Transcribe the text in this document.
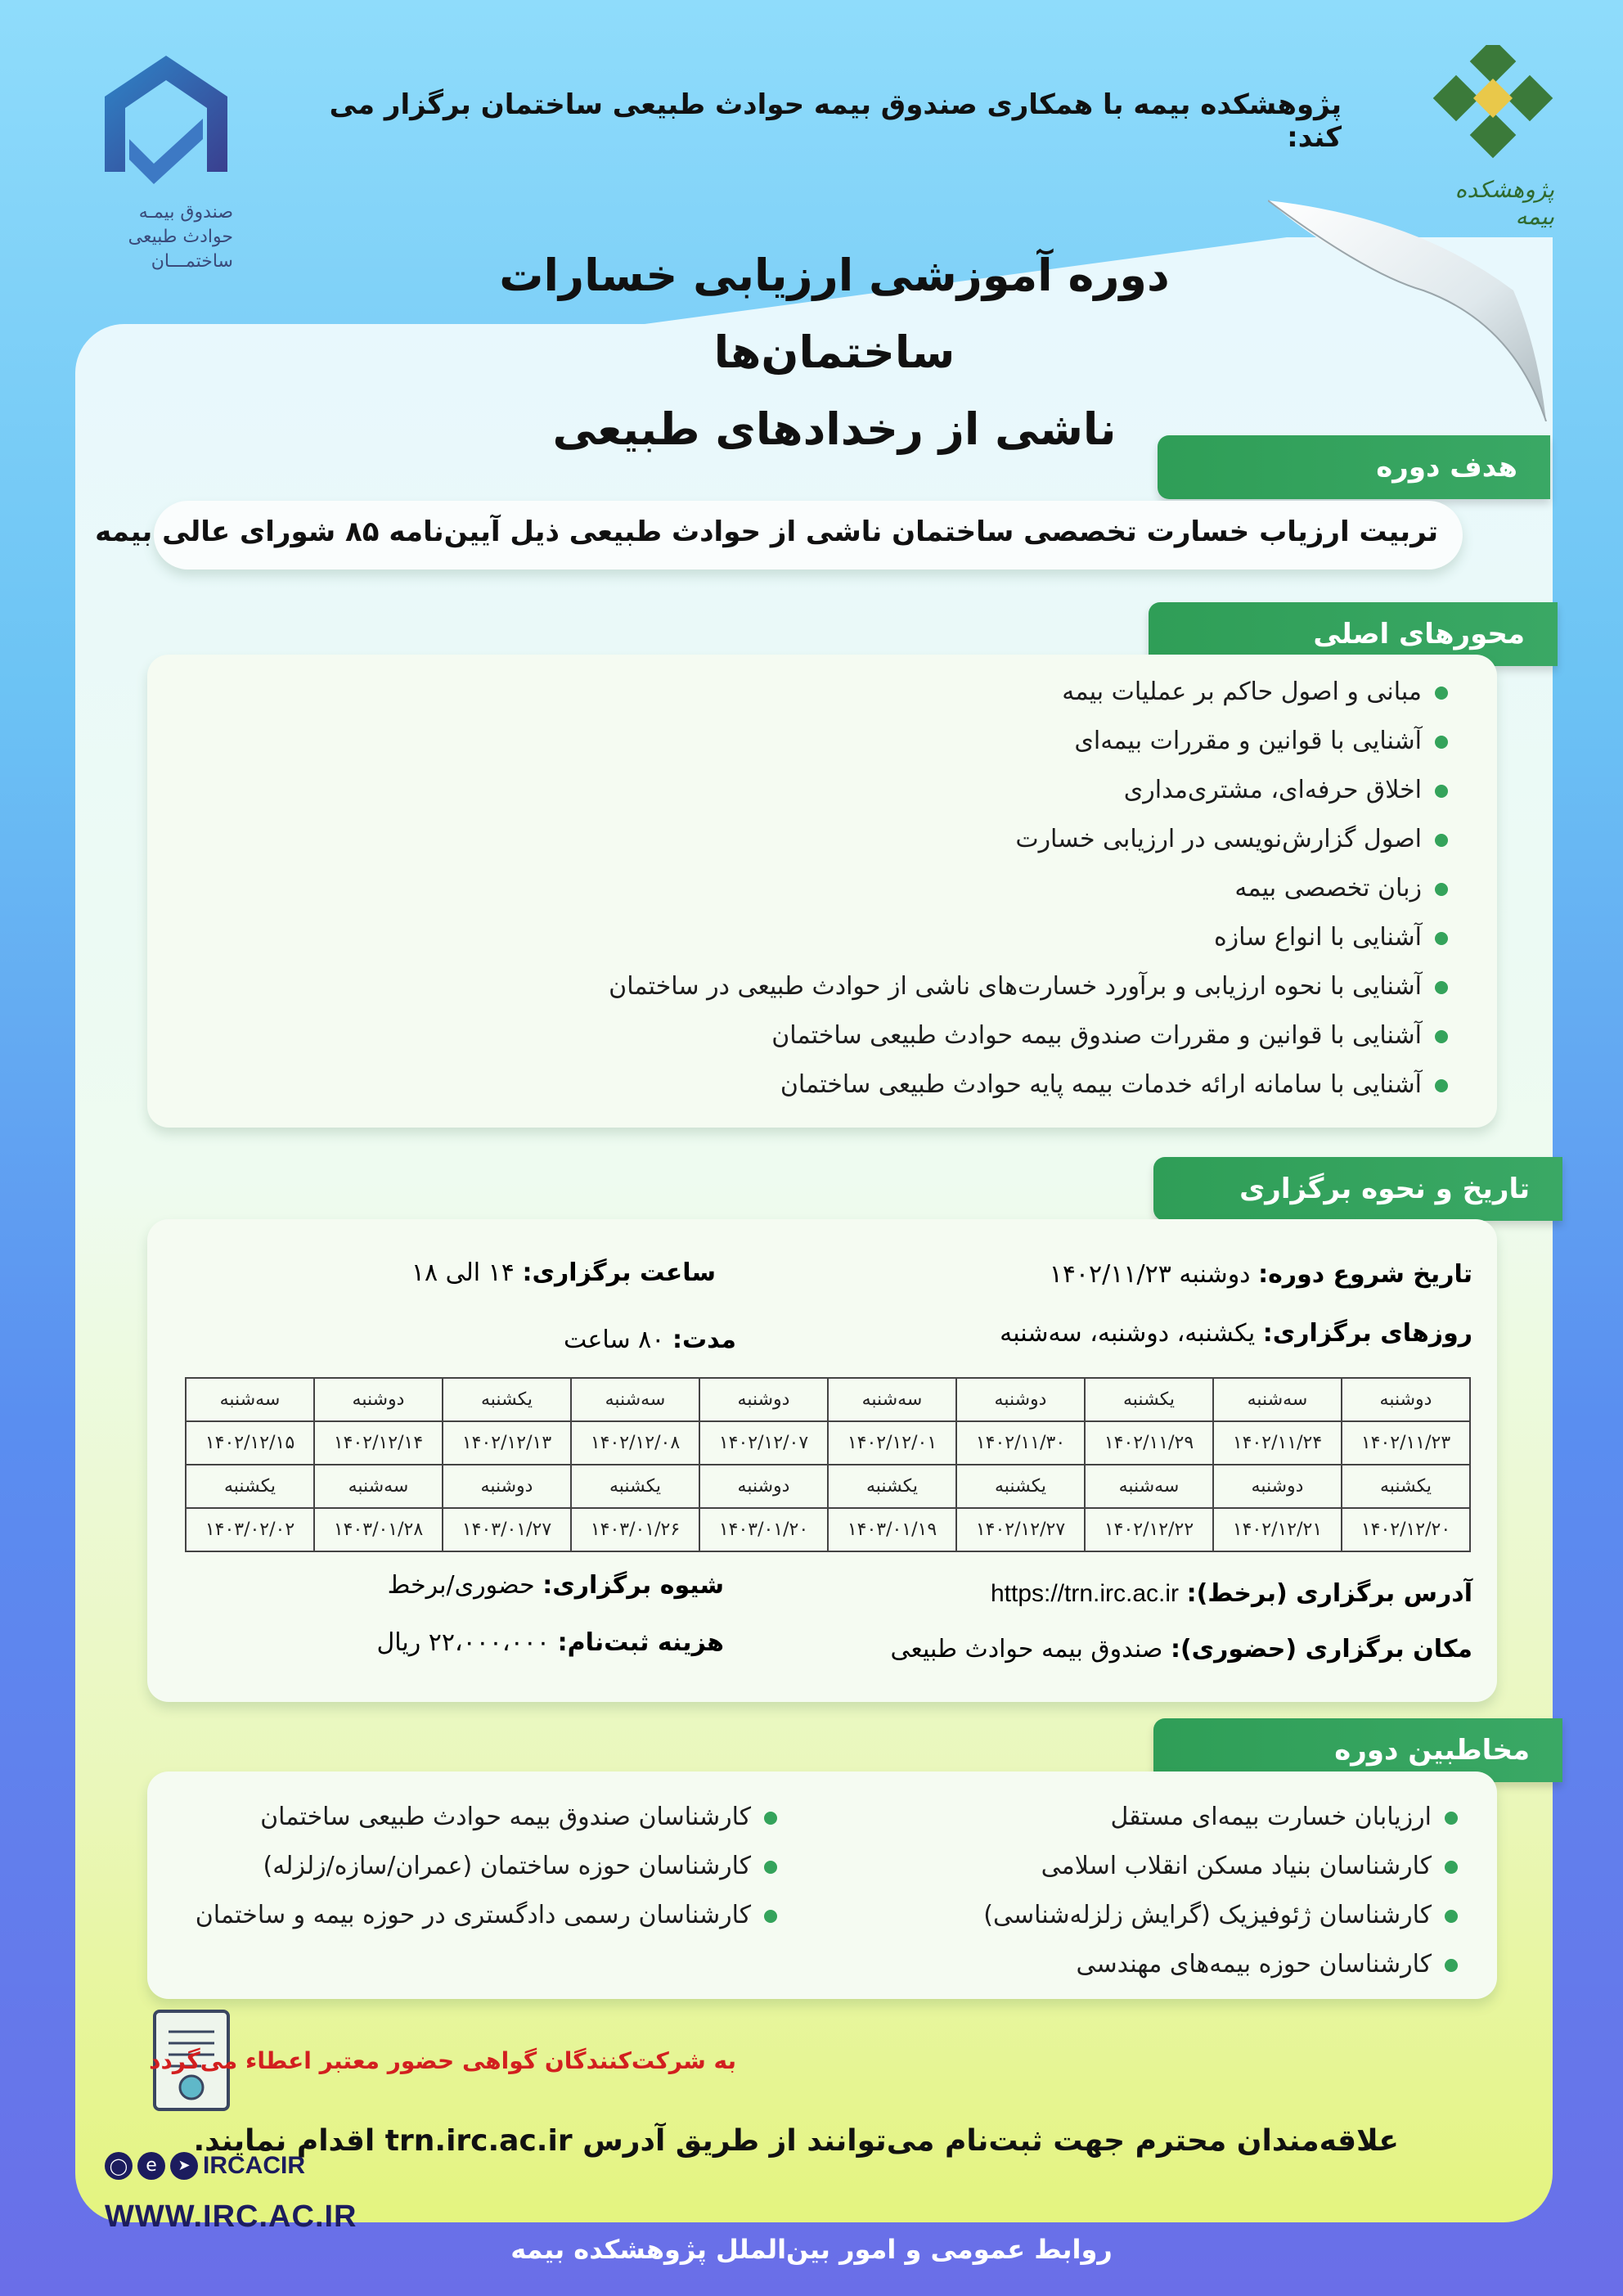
صندوق بیمـه
حوادث طبیعی
ساختمـــان
پژوهشکده بیمه
پژوهشکده بیمه با همکاری صندوق بیمه حوادث طبیعی ساختمان برگزار می کند:
دوره آموزشی ارزیابی خسارات ساختمان‌ها
ناشی از رخدادهای طبیعی
هدف دوره
تربیت ارزیاب خسارت تخصصی ساختمان ناشی از حوادث طبیعی ذیل آیین‌نامه ۸۵ شورای عالی بیمه
محورهای اصلی
مبانی و اصول حاکم بر عملیات بیمه
آشنایی با قوانین و مقررات بیمه‌ای
اخلاق حرفه‌ای، مشتری‌مداری
اصول گزارش‌نویسی در ارزیابی خسارت
زبان تخصصی بیمه
آشنایی با انواع سازه
آشنایی با نحوه ارزیابی و برآورد خسارت‌های ناشی از حوادث طبیعی در ساختمان
آشنایی با قوانین و مقررات صندوق بیمه حوادث طبیعی ساختمان
آشنایی با سامانه ارائه خدمات بیمه پایه حوادث طبیعی ساختمان
تاریخ و نحوه برگزاری
تاریخ شروع دوره: دوشنبه ۱۴۰۲/۱۱/۲۳
ساعت برگزاری: ۱۴ الی ۱۸
روزهای برگزاری: یکشنبه، دوشنبه، سه‌شنبه
مدت: ۸۰ ساعت
سه‌شنبه	دوشنبه	یکشنبه	سه‌شنبه	دوشنبه	سه‌شنبه	دوشنبه	یکشنبه	سه‌شنبه	دوشنبه
۱۴۰۲/۱۲/۱۵	۱۴۰۲/۱۲/۱۴	۱۴۰۲/۱۲/۱۳	۱۴۰۲/۱۲/۰۸	۱۴۰۲/۱۲/۰۷	۱۴۰۲/۱۲/۰۱	۱۴۰۲/۱۱/۳۰	۱۴۰۲/۱۱/۲۹	۱۴۰۲/۱۱/۲۴	۱۴۰۲/۱۱/۲۳
یکشنبه	سه‌شنبه	دوشنبه	یکشنبه	دوشنبه	یکشنبه	یکشنبه	سه‌شنبه	دوشنبه	یکشنبه
۱۴۰۳/۰۲/۰۲	۱۴۰۳/۰۱/۲۸	۱۴۰۳/۰۱/۲۷	۱۴۰۳/۰۱/۲۶	۱۴۰۳/۰۱/۲۰	۱۴۰۳/۰۱/۱۹	۱۴۰۲/۱۲/۲۷	۱۴۰۲/۱۲/۲۲	۱۴۰۲/۱۲/۲۱	۱۴۰۲/۱۲/۲۰
آدرس برگزاری (برخط): https://trn.irc.ac.ir
شیوه برگزاری: حضوری/برخط
مکان برگزاری (حضوری): صندوق بیمه حوادث طبیعی
هزینه ثبت‌نام: ۲۲،۰۰۰،۰۰۰ ریال
مخاطبین دوره
ارزیابان خسارت بیمه‌ای مستقل
کارشناسان بنیاد مسکن انقلاب اسلامی
کارشناسان ژئوفیزیک (گرایش زلزله‌شناسی)
کارشناسان حوزه بیمه‌های مهندسی
کارشناسان صندوق بیمه حوادث طبیعی ساختمان
کارشناسان حوزه ساختمان (عمران/سازه/زلزله)
کارشناسان رسمی دادگستری در حوزه بیمه و ساختمان
به شرکت‌کنندگان گواهی حضور معتبر اعطاء می‌گردد
علاقه‌مندان محترم جهت ثبت‌نام می‌توانند از طریق آدرس trn.irc.ac.ir اقدام نمایند.
◯	e	➤ IRCACIR
WWW.IRC.AC.IR
روابط عمومی و امور بین‌الملل پژوهشکده بیمه
